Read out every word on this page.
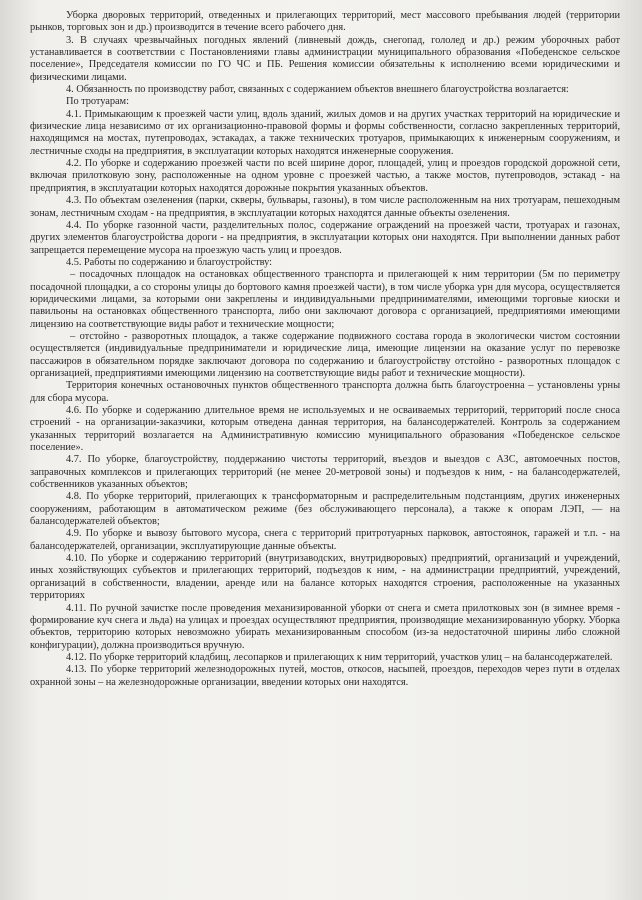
Уборка дворовых территорий, отведенных и прилегающих территорий, мест массового пребывания людей (территории рынков, торговых зон и др.) производится в течение всего рабочего дня.

3. В случаях чрезвычайных погодных явлений (ливневый дождь, снегопад, гололед и др.) режим уборочных работ устанавливается в соответствии с Постановлениями главы администрации муниципального образования «Победенское сельское поселение», Председателя комиссии по ГО ЧС и ПБ. Решения комиссии обязательны к исполнению всеми юридическими и физическими лицами.

4. Обязанность по производству работ, связанных с содержанием объектов внешнего благоустройства возлагается:

По тротуарам:

4.1. Примыкающим к проезжей части улиц, вдоль зданий, жилых домов и на других участках территорий на юридические и физические лица независимо от их организационно-правовой формы и формы собственности, согласно закрепленных территорий, находящимся на мостах, путепроводах, эстакадах, а также технических тротуаров, примыкающих к инженерным сооружениям, и лестничные сходы на предприятия, в эксплуатации которых находятся инженерные сооружения.

4.2. По уборке и содержанию проезжей части по всей ширине дорог, площадей, улиц и проездов городской дорожной сети, включая прилотковую зону, расположенные на одном уровне с проезжей частью, а также мостов, путепроводов, эстакад - на предприятия, в эксплуатации которых находятся дорожные покрытия указанных объектов.

4.3. По объектам озеленения (парки, скверы, бульвары, газоны), в том числе расположенным на них тротуарам, пешеходным зонам, лестничным сходам - на предприятия, в эксплуатации которых находятся данные объекты озеленения.

4.4. По уборке газонной части, разделительных полос, содержание ограждений на проезжей части, тротуарах и газонах, других элементов благоустройства дороги - на предприятия, в эксплуатации которых они находятся. При выполнении данных работ запрещается перемещение мусора на проезжую часть улиц и проездов.

4.5. Работы по содержанию и благоустройству:

– посадочных площадок на остановках общественного транспорта и прилегающей к ним территории (5м по периметру посадочной площадки, а со стороны улицы до бортового камня проезжей части), в том числе уборка урн для мусора, осуществляется юридическими лицами, за которыми они закреплены и индивидуальными предпринимателями, имеющими торговые киоски и павильоны на остановках общественного транспорта, либо они заключают договора с организацией, предприятиями имеющими лицензию на соответствующие виды работ и технические мощности;

– отстойно - разворотных площадок, а также содержание подвижного состава города в экологически чистом состоянии осуществляется (индивидуальные предприниматели и юридические лица, имеющие лицензии на оказание услуг по перевозке пассажиров в обязательном порядке заключают договора по содержанию и благоустройству отстойно - разворотных площадок с организацией, предприятиями имеющими лицензию на соответствующие виды работ и технические мощности).

Территория конечных остановочных пунктов общественного транспорта должна быть благоустроенна – установлены урны для сбора мусора.

4.6. По уборке и содержанию длительное время не используемых и не осваиваемых территорий, территорий после сноса строений - на организации-заказчики, которым отведена данная территория, на балансодержателей. Контроль за содержанием указанных территорий возлагается на Административную комиссию муниципального образования «Победенское сельское поселение».

4.7. По уборке, благоустройству, поддержанию чистоты территорий, въездов и выездов с АЗС, автомоечных постов, заправочных комплексов и прилегающих территорий (не менее 20-метровой зоны) и подъездов к ним, - на балансодержателей, собственников указанных объектов;

4.8. По уборке территорий, прилегающих к трансформаторным и распределительным подстанциям, других инженерных сооружениям, работающим в автоматическом режиме (без обслуживающего персонала), а также к опорам ЛЭП, — на балансодержателей объектов;

4.9. По уборке и вывозу бытового мусора, снега с территорий притротуарных парковок, автостоянок, гаражей и т.п. - на балансодержателей, организации, эксплуатирующие данные объекты.

4.10. По уборке и содержанию территорий (внутризаводских, внутридворовых) предприятий, организаций и учреждений, иных хозяйствующих субъектов и прилегающих территорий, подъездов к ним, - на администрации предприятий, учреждений, организаций в собственности, владении, аренде или на балансе которых находятся строения, расположенные на указанных территориях

4.11. По ручной зачистке после проведения механизированной уборки от снега и смета прилотковых зон (в зимнее время - формирование куч снега и льда) на улицах и проездах осуществляют предприятия, производящие механизированную уборку. Уборка объектов, территорию которых невозможно убирать механизированным способом (из-за недостаточной ширины либо сложной конфигурации), должна производиться вручную.

4.12. По уборке территорий кладбищ, лесопарков и прилегающих к ним территорий, участков улиц – на балансодержателей.

4.13. По уборке территорий железнодорожных путей, мостов, откосов, насыпей, проездов, переходов через пути в отделах охранной зоны – на железнодорожные организации, введении которых они находятся.
